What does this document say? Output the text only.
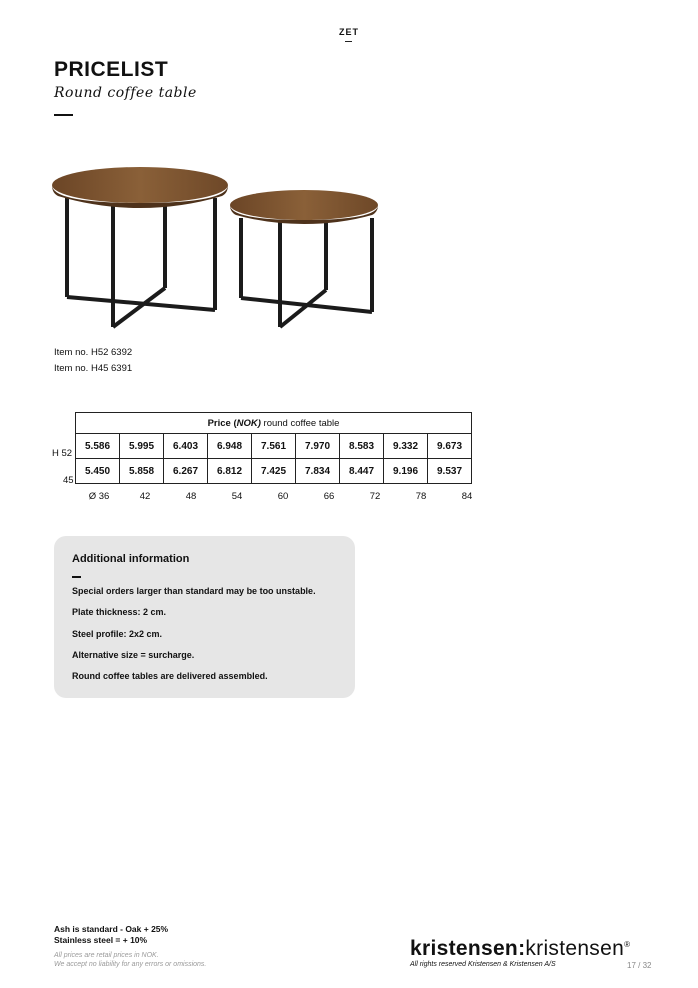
ZET
PRICELIST
Round coffee table
Item no. H52 6392
Item no. H45 6391
Price (NOK) round coffee table								
5.586	5.995	6.403	6.948	7.561	7.970	8.583	9.332	9.673
5.450	5.858	6.267	6.812	7.425	7.834	8.447	9.196	9.537
H 52
45
Ø 36	42	48	54	60	66	72	78	84
Additional information
Special orders larger than standard may be too unstable.
Plate thickness: 2 cm.
Steel profile: 2x2 cm.
Alternative size = surcharge.
Round coffee tables are delivered assembled.
Ash is standard - Oak + 25%
Stainless steel = + 10%
All prices are retail prices in NOK.
We accept no liability for any errors or omissions.
kristensen:kristensen®
All rights reserved Kristensen & Kristensen A/S	17 / 32
